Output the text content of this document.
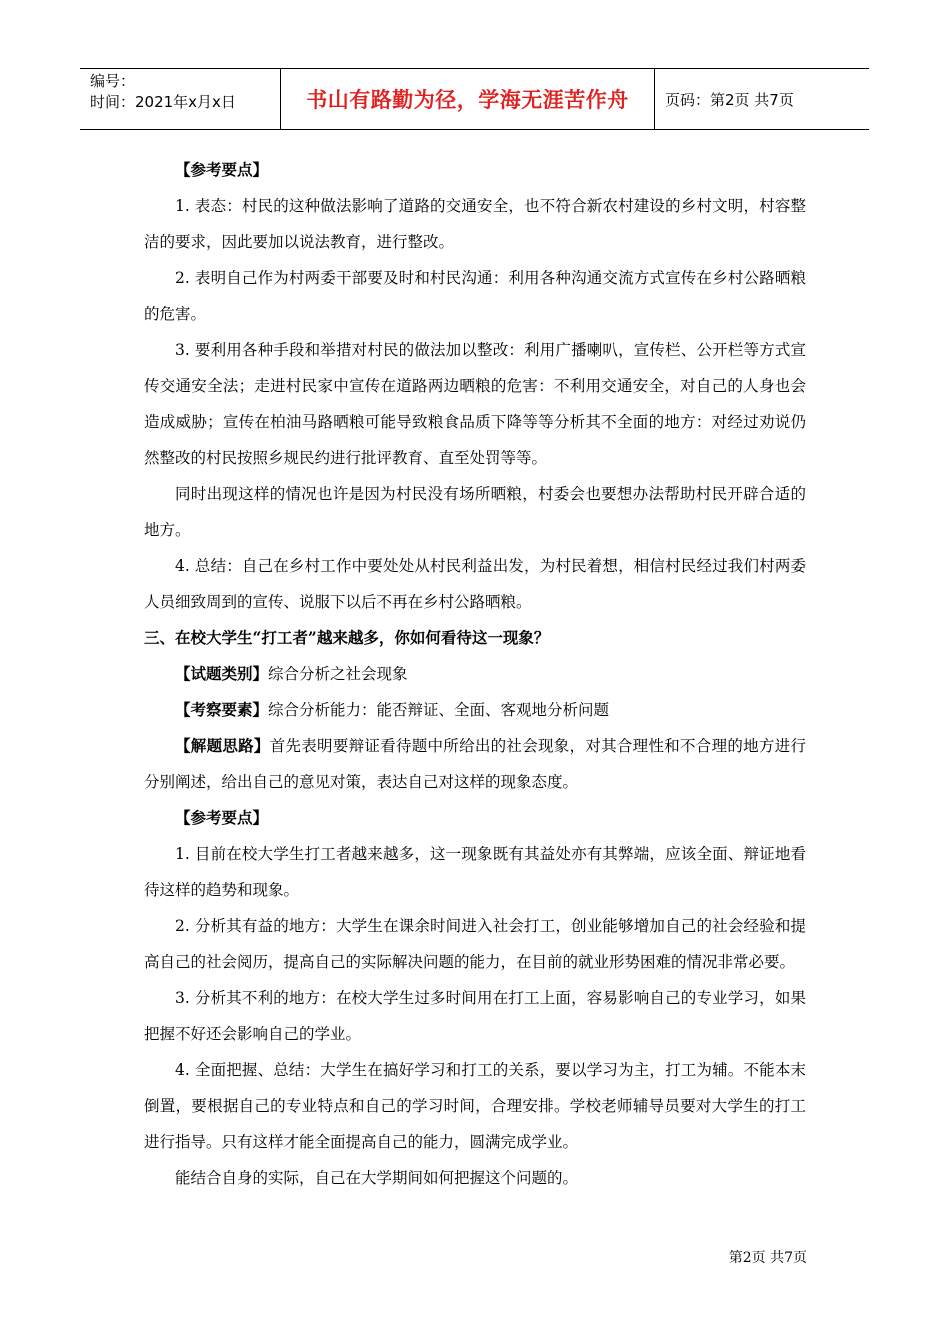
编号：
时间：2021年x月x日	书山有路勤为径，学海无涯苦作舟	页码：第2页 共7页

【参考要点】

1. 表态：村民的这种做法影响了道路的交通安全，也不符合新农村建设的乡村文明，村容整洁的要求，因此要加以说法教育，进行整改。

2. 表明自己作为村两委干部要及时和村民沟通：利用各种沟通交流方式宣传在乡村公路晒粮的危害。

3. 要利用各种手段和举措对村民的做法加以整改：利用广播喇叭，宣传栏、公开栏等方式宣传交通安全法；走进村民家中宣传在道路两边晒粮的危害：不利用交通安全，对自己的人身也会造成威胁；宣传在柏油马路晒粮可能导致粮食品质下降等等分析其不全面的地方：对经过劝说仍然整改的村民按照乡规民约进行批评教育、直至处罚等等。

同时出现这样的情况也许是因为村民没有场所晒粮，村委会也要想办法帮助村民开辟合适的地方。

4. 总结：自己在乡村工作中要处处从村民利益出发，为村民着想，相信村民经过我们村两委人员细致周到的宣传、说服下以后不再在乡村公路晒粮。

三、在校大学生“打工者”越来越多，你如何看待这一现象？

【试题类别】综合分析之社会现象

【考察要素】综合分析能力：能否辩证、全面、客观地分析问题

【解题思路】首先表明要辩证看待题中所给出的社会现象，对其合理性和不合理的地方进行分别阐述，给出自己的意见对策，表达自己对这样的现象态度。

【参考要点】

1. 目前在校大学生打工者越来越多，这一现象既有其益处亦有其弊端，应该全面、辩证地看待这样的趋势和现象。

2. 分析其有益的地方：大学生在课余时间进入社会打工，创业能够增加自己的社会经验和提高自己的社会阅历，提高自己的实际解决问题的能力，在目前的就业形势困难的情况非常必要。

3. 分析其不利的地方：在校大学生过多时间用在打工上面，容易影响自己的专业学习，如果把握不好还会影响自己的学业。

4. 全面把握、总结：大学生在搞好学习和打工的关系，要以学习为主，打工为辅。不能本末倒置，要根据自己的专业特点和自己的学习时间，合理安排。学校老师辅导员要对大学生的打工进行指导。只有这样才能全面提高自己的能力，圆满完成学业。

能结合自身的实际，自己在大学期间如何把握这个问题的。

第2页 共7页
